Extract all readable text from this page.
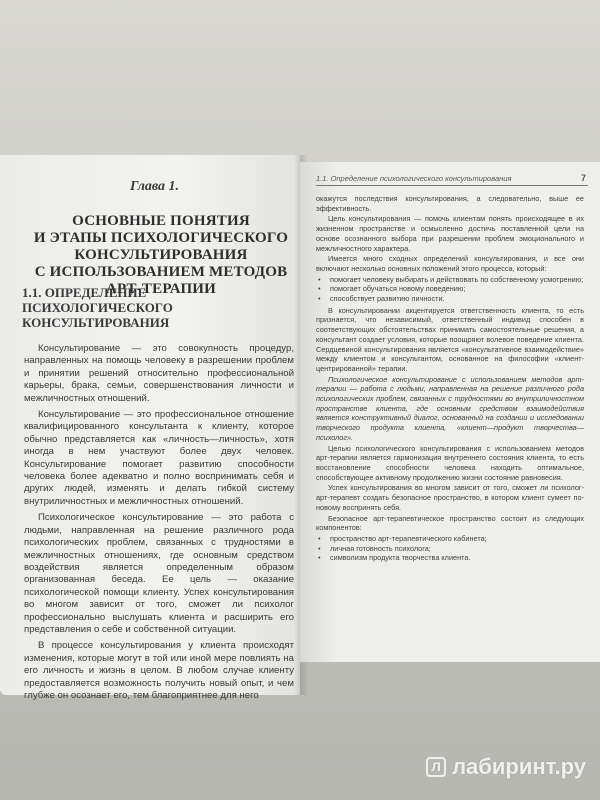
Глава 1.
ОСНОВНЫЕ ПОНЯТИЯ
И ЭТАПЫ ПСИХОЛОГИЧЕСКОГО
КОНСУЛЬТИРОВАНИЯ
С ИСПОЛЬЗОВАНИЕМ МЕТОДОВ
АРТ-ТЕРАПИИ
1.1. ОПРЕДЕЛЕНИЕ ПСИХОЛОГИЧЕСКОГО
КОНСУЛЬТИРОВАНИЯ

Консультирование — это совокупность процедур, направленных на помощь человеку в разрешении проблем и принятии решений относительно профессиональной карьеры, брака, семьи, совершенствования личности и межличностных отношений.

Консультирование — это профессиональное отношение квалифицированного консультанта к клиенту, которое обычно представляется как «личность—личность», хотя иногда в нем участвуют более двух человек. Консультирование помогает развитию способности человека более адекватно и полно воспринимать себя и других людей, изменять и делать гибкой систему внутриличностных и межличностных отношений.

Психологическое консультирование — это работа с людьми, направленная на решение различного рода психологических проблем, связанных с трудностями в межличностных отношениях, где основным средством воздействия является определенным образом организованная беседа. Ее цель — оказание психологической помощи клиенту. Успех консультирования во многом зависит от того, сможет ли психолог профессионально выслушать клиента и расширить его представления о себе и собственной ситуации.

В процессе консультирования у клиента происходят изменения, которые могут в той или иной мере повлиять на его личность и жизнь в целом. В любом случае клиенту предоставляется возможность получить новый опыт, и чем глубже он осознает его, тем благоприятнее для него

1.1. Определение психологического консультирования	7

окажутся последствия консультирования, а следовательно, выше ее эффективность.

Цель консультирования — помочь клиентам понять происходящее в их жизненном пространстве и осмысленно достичь поставленной цели на основе осознанного выбора при разрешении проблем эмоционального и межличностного характера.

Имеется много сходных определений консультирования, и все они включают несколько основных положений этого процесса, который:

• помогает человеку выбирать и действовать по собственному усмотрению;
• помогает обучаться новому поведению;
• способствует развитию личности.

В консультировании акцентируется ответственность клиента, то есть признается, что независимый, ответственный индивид способен в соответствующих обстоятельствах принимать самостоятельные решения, а консультант создает условия, которые поощряют волевое поведение клиента. Сердцевиной консультирования является «консультативное взаимодействие» между клиентом и консультантом, основанное на философии «клиент-центрированной» терапии.

Психологическое консультирование с использованием методов арт-терапии — работа с людьми, направленная на решение различного рода психологических проблем, связанных с трудностями во внутриличностном пространстве клиента, где основным средством взаимодействия является конструктивный диалог, основанный на создании и исследовании творческого продукта клиента, «клиент—продукт творчества—психолог».

Целью психологического консультирования с использованием методов арт-терапии является гармонизация внутреннего состояния клиента, то есть восстановление способности человека находить оптимальное, способствующее активному продолжению жизни состояние равновесия.

Успех консультирования во многом зависит от того, сможет ли психолог-арт-терапевт создать безопасное пространство, в котором клиент сумеет по-новому воспринять себя.

Безопасное арт-терапевтическое пространство состоит из следующих компонентов:

• пространство арт-терапевтического кабинета;
• личная готовность психолога;
• символизм продукта творчества клиента.
л лабиринт.ру
